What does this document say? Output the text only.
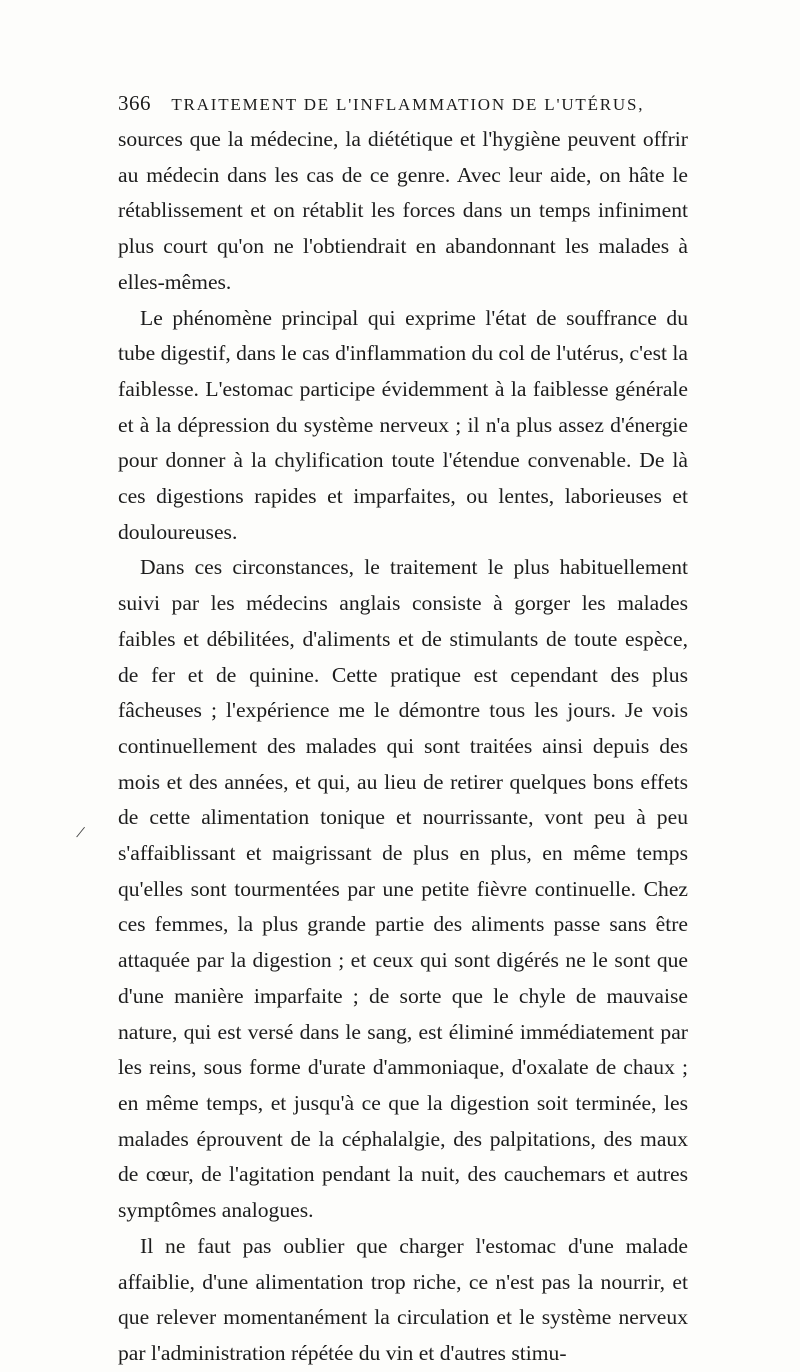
366 TRAITEMENT DE L'INFLAMMATION DE L'UTÉRUS,

sources que la médecine, la diététique et l'hygiène peuvent offrir au médecin dans les cas de ce genre. Avec leur aide, on hâte le rétablissement et on rétablit les forces dans un temps infiniment plus court qu'on ne l'obtiendrait en abandonnant les malades à elles-mêmes.

Le phénomène principal qui exprime l'état de souffrance du tube digestif, dans le cas d'inflammation du col de l'utérus, c'est la faiblesse. L'estomac participe évidemment à la faiblesse générale et à la dépression du système nerveux ; il n'a plus assez d'énergie pour donner à la chylification toute l'étendue convenable. De là ces digestions rapides et imparfaites, ou lentes, laborieuses et douloureuses.

Dans ces circonstances, le traitement le plus habituellement suivi par les médecins anglais consiste à gorger les malades faibles et débilitées, d'aliments et de stimulants de toute espèce, de fer et de quinine. Cette pratique est cependant des plus fâcheuses ; l'expérience me le démontre tous les jours. Je vois continuellement des malades qui sont traitées ainsi depuis des mois et des années, et qui, au lieu de retirer quelques bons effets de cette alimentation tonique et nourrissante, vont peu à peu s'affaiblissant et maigrissant de plus en plus, en même temps qu'elles sont tourmentées par une petite fièvre continuelle. Chez ces femmes, la plus grande partie des aliments passe sans être attaquée par la digestion ; et ceux qui sont digérés ne le sont que d'une manière imparfaite ; de sorte que le chyle de mauvaise nature, qui est versé dans le sang, est éliminé immédiatement par les reins, sous forme d'urate d'ammoniaque, d'oxalate de chaux ; en même temps, et jusqu'à ce que la digestion soit terminée, les malades éprouvent de la céphalalgie, des palpitations, des maux de cœur, de l'agitation pendant la nuit, des cauchemars et autres symptômes analogues.

Il ne faut pas oublier que charger l'estomac d'une malade affaiblie, d'une alimentation trop riche, ce n'est pas la nourrir, et que relever momentanément la circulation et le système nerveux par l'administration répétée du vin et d'autres stimu-

/
